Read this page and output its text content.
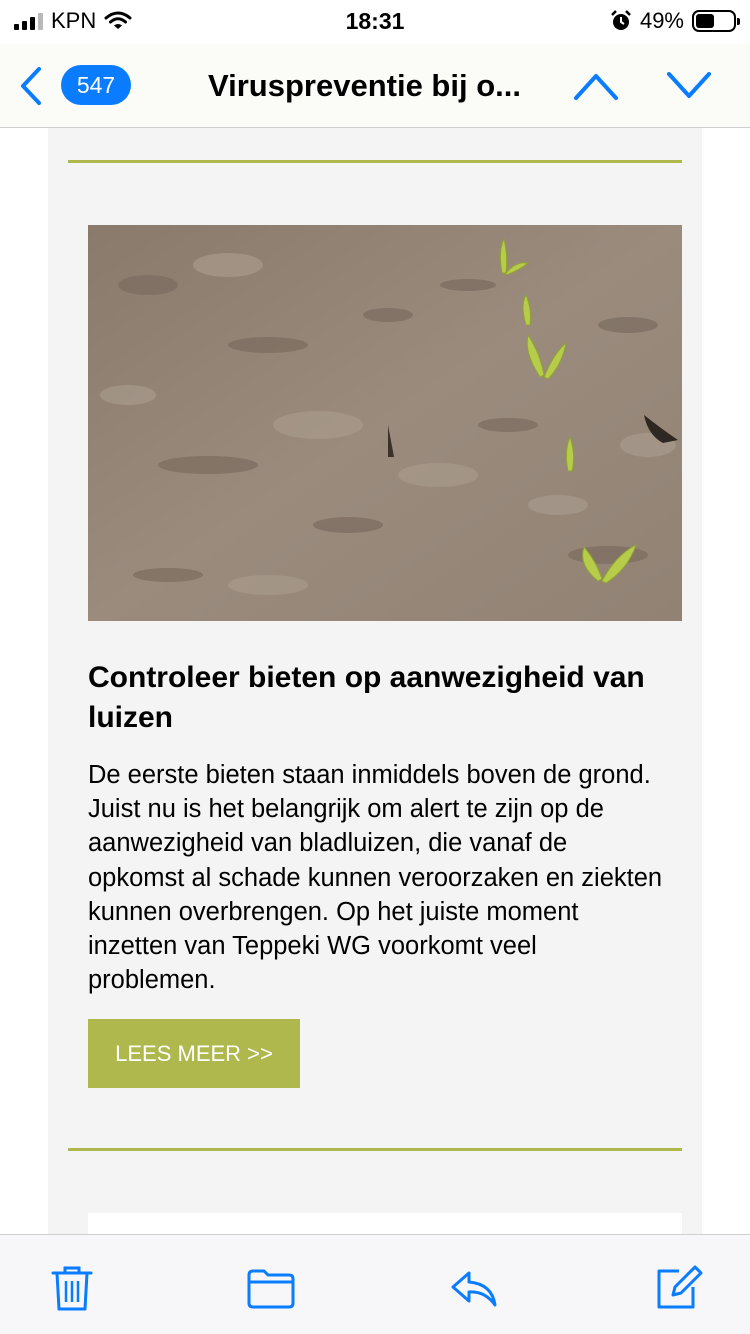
KPN	18:31	49%
547	Viruspreventie bij o...
Controleer bieten op aanwezigheid van luizen

De eerste bieten staan inmiddels boven de grond. Juist nu is het belangrijk om alert te zijn op de aanwezigheid van bladluizen, die vanaf de opkomst al schade kunnen veroorzaken en ziekten kunnen overbrengen. Op het juiste moment inzetten van Teppeki WG voorkomt veel problemen.

LEES MEER >>
